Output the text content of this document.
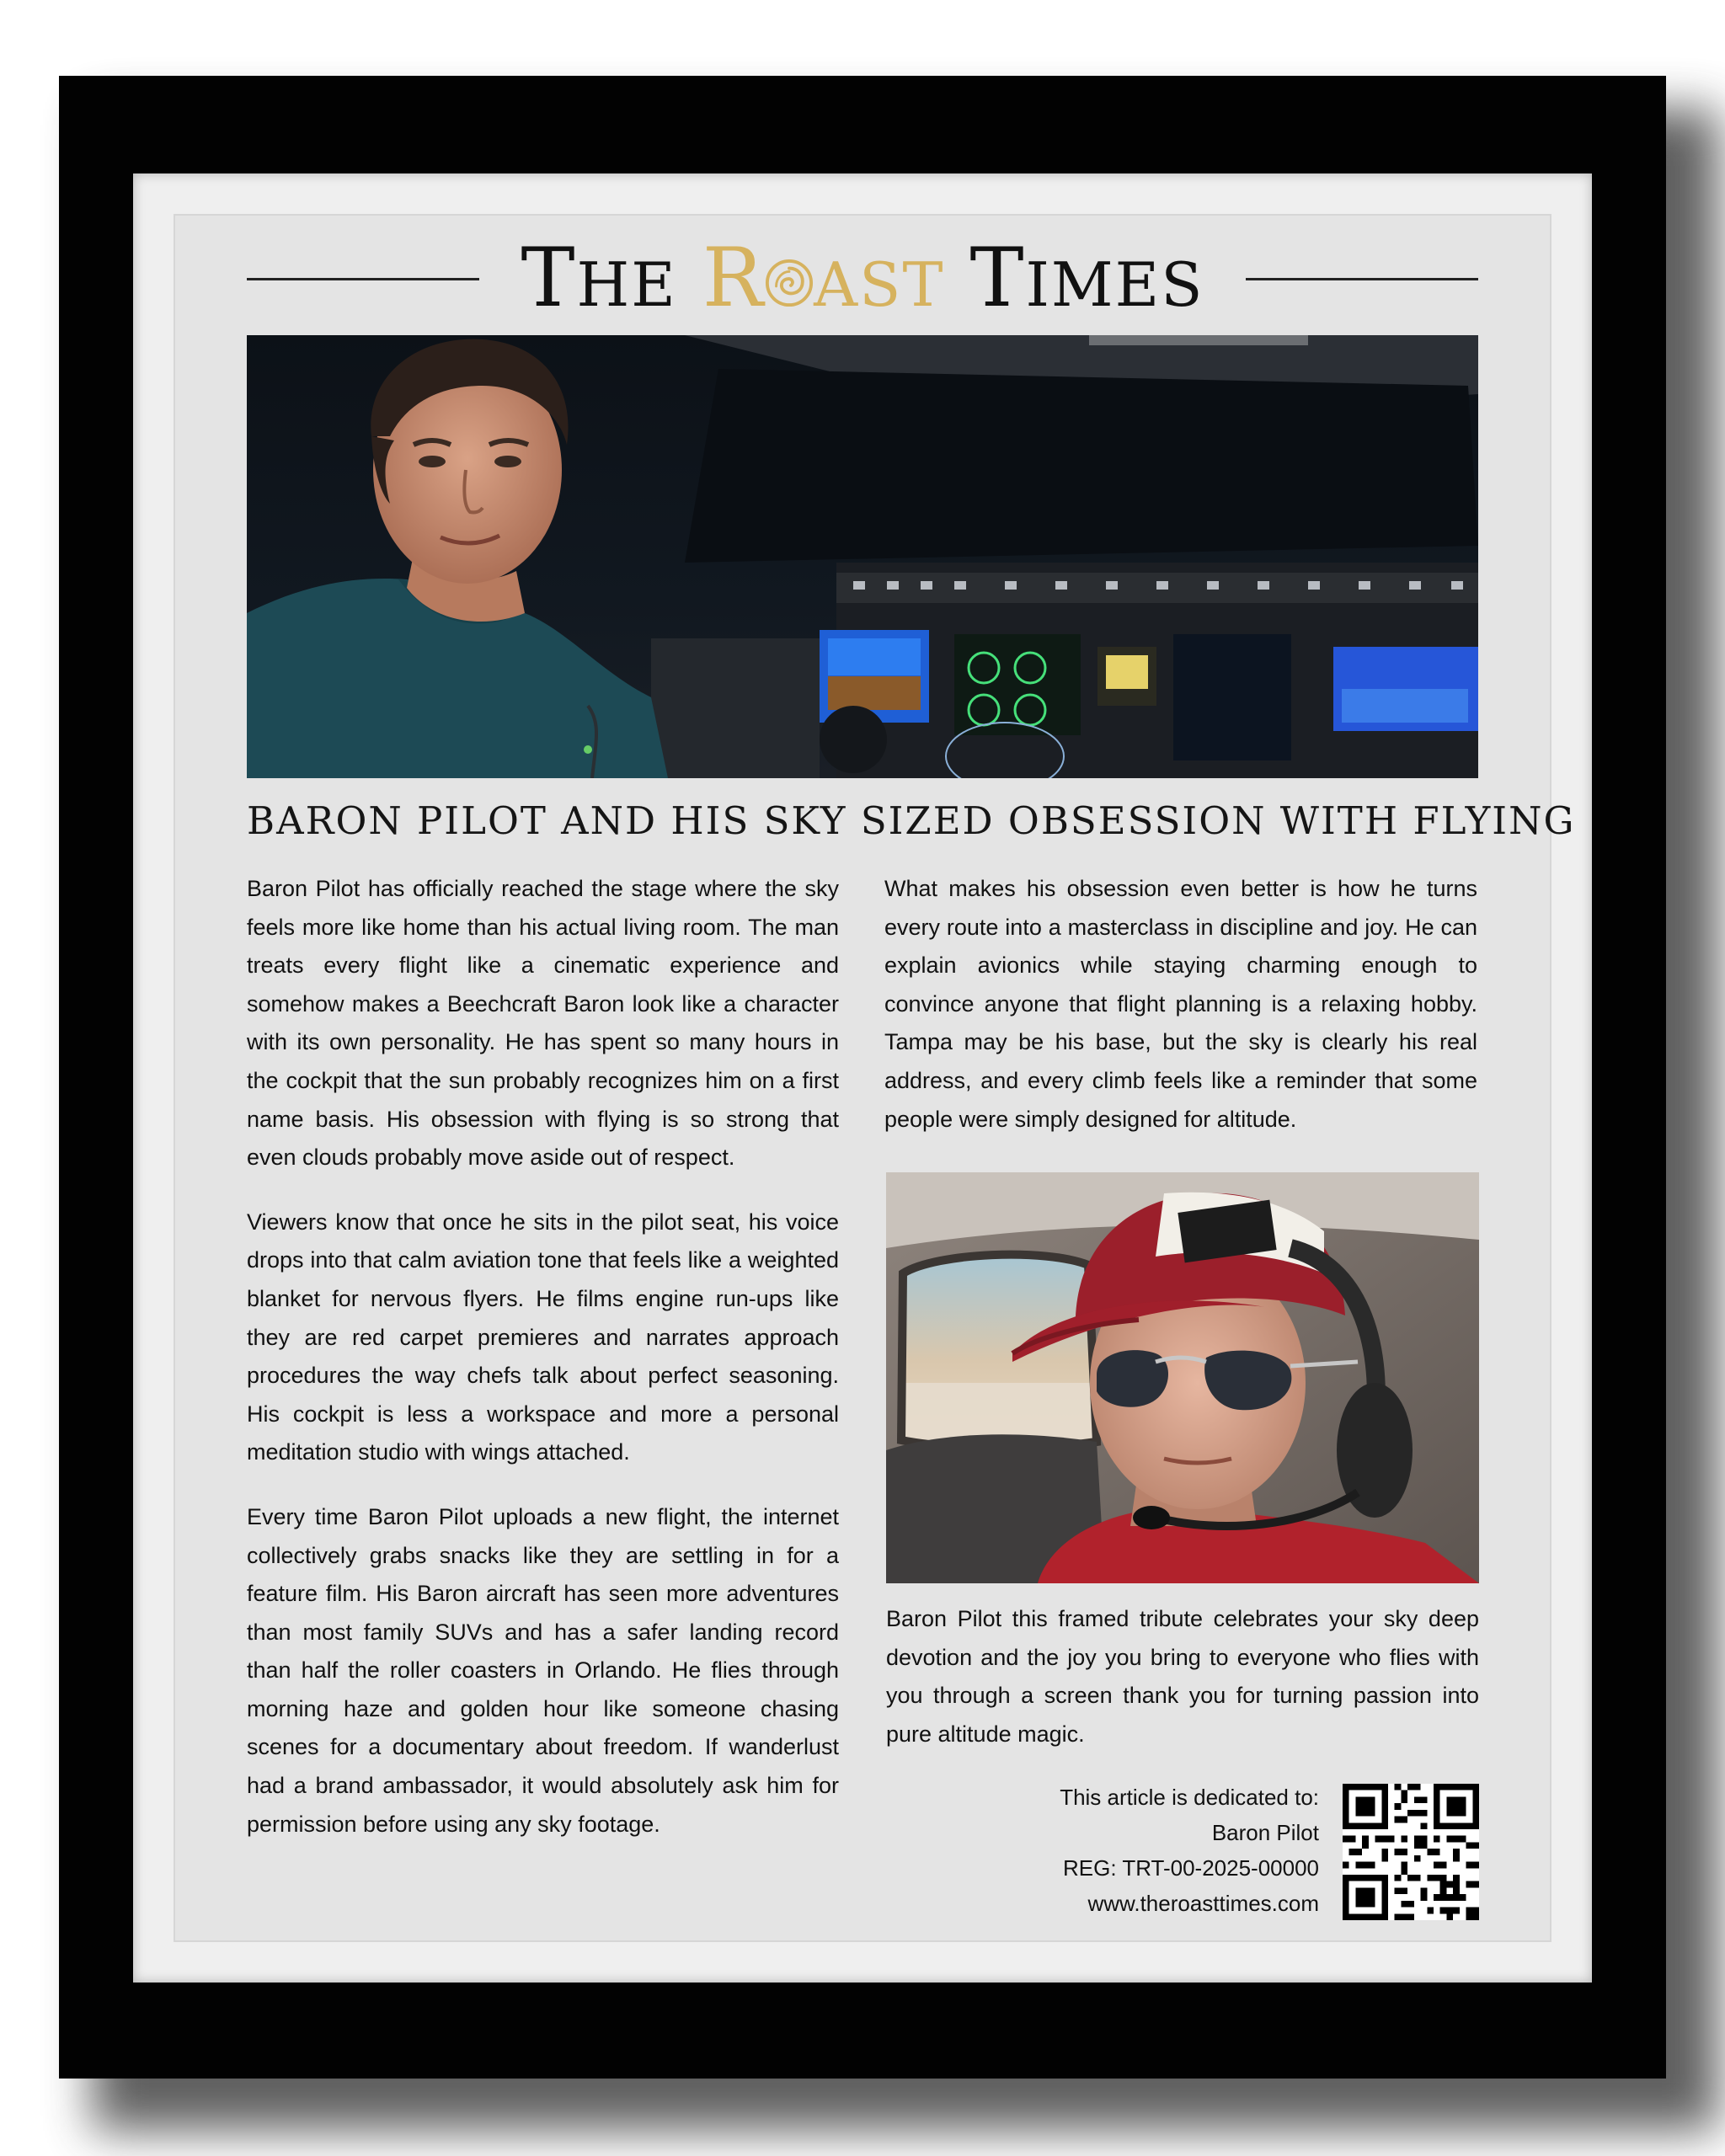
THE R AST TIMES
BARON PILOT AND HIS SKY SIZED OBSESSION WITH FLYING

Baron Pilot has officially reached the stage where the sky feels more like home than his actual living room. The man treats every flight like a cinematic experience and somehow makes a Beechcraft Baron look like a character with its own personality. He has spent so many hours in the cockpit that the sun probably recognizes him on a first name basis. His obsession with flying is so strong that even clouds probably move aside out of respect.

Viewers know that once he sits in the pilot seat, his voice drops into that calm aviation tone that feels like a weighted blanket for nervous flyers. He films engine run-ups like they are red carpet premieres and narrates approach procedures the way chefs talk about perfect seasoning. His cockpit is less a workspace and more a personal meditation studio with wings attached.

Every time Baron Pilot uploads a new flight, the internet collectively grabs snacks like they are settling in for a feature film. His Baron aircraft has seen more adventures than most family SUVs and has a safer landing record than half the roller coasters in Orlando. He flies through morning haze and golden hour like someone chasing scenes for a documentary about freedom. If wanderlust had a brand ambassador, it would absolutely ask him for permission before using any sky footage.

What makes his obsession even better is how he turns every route into a masterclass in discipline and joy. He can explain avionics while staying charming enough to convince anyone that flight planning is a relaxing hobby. Tampa may be his base, but the sky is clearly his real address, and every climb feels like a reminder that some people were simply designed for altitude.

Baron Pilot this framed tribute celebrates your sky deep devotion and the joy you bring to everyone who flies with you through a screen thank you for turning passion into pure altitude magic.
This article is dedicated to:
Baron Pilot
REG: TRT-00-2025-00000
www.theroasttimes.com
